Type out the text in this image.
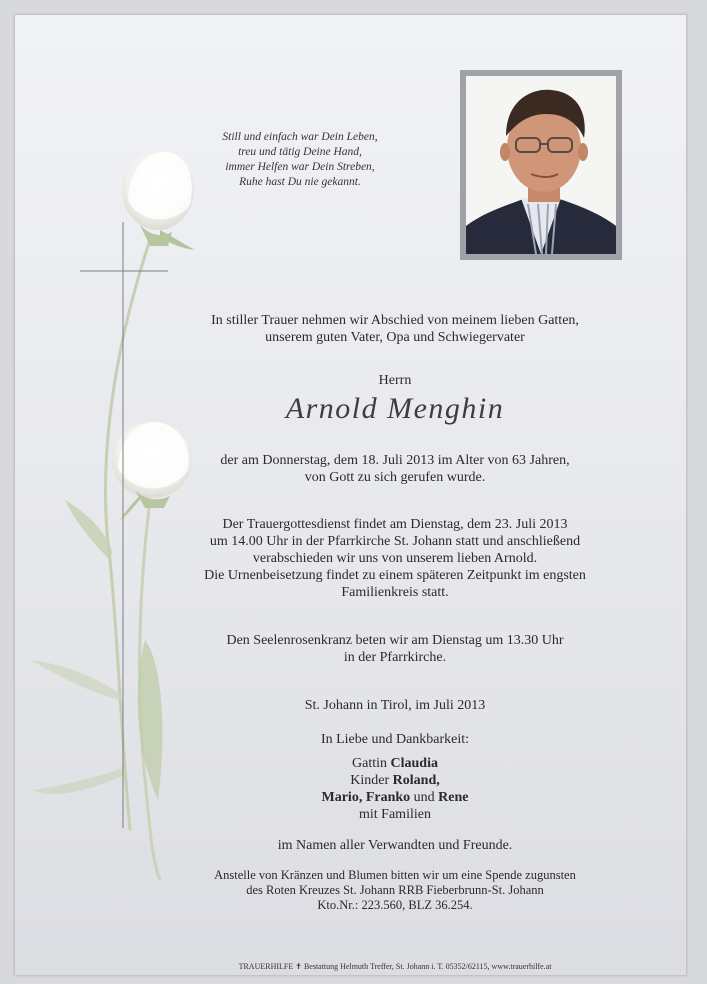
Still und einfach war Dein Leben,
treu und tätig Deine Hand,
immer Helfen war Dein Streben,
Ruhe hast Du nie gekannt.
In stiller Trauer nehmen wir Abschied von meinem lieben Gatten,
unserem guten Vater, Opa und Schwiegervater
Herrn
Arnold Menghin
der am Donnerstag, dem 18. Juli 2013 im Alter von 63 Jahren,
von Gott zu sich gerufen wurde.
Der Trauergottesdienst findet am Dienstag, dem 23. Juli 2013
um 14.00 Uhr in der Pfarrkirche St. Johann statt und anschließend
verabschieden wir uns von unserem lieben Arnold.
Die Urnenbeisetzung findet zu einem späteren Zeitpunkt im engsten
Familienkreis statt.
Den Seelenrosenkranz beten wir am Dienstag um 13.30 Uhr
in der Pfarrkirche.
St. Johann in Tirol, im Juli 2013
In Liebe und Dankbarkeit:
Gattin Claudia
Kinder Roland,
Mario, Franko und Rene
mit Familien
im Namen aller Verwandten und Freunde.
Anstelle von Kränzen und Blumen bitten wir um eine Spende zugunsten
des Roten Kreuzes St. Johann RRB Fieberbrunn-St. Johann
Kto.Nr.: 223.560, BLZ 36.254.
TRAUERHILFE ✝ Bestattung Helmuth Treffer, St. Johann i. T. 05352/62115, www.trauerhilfe.at
